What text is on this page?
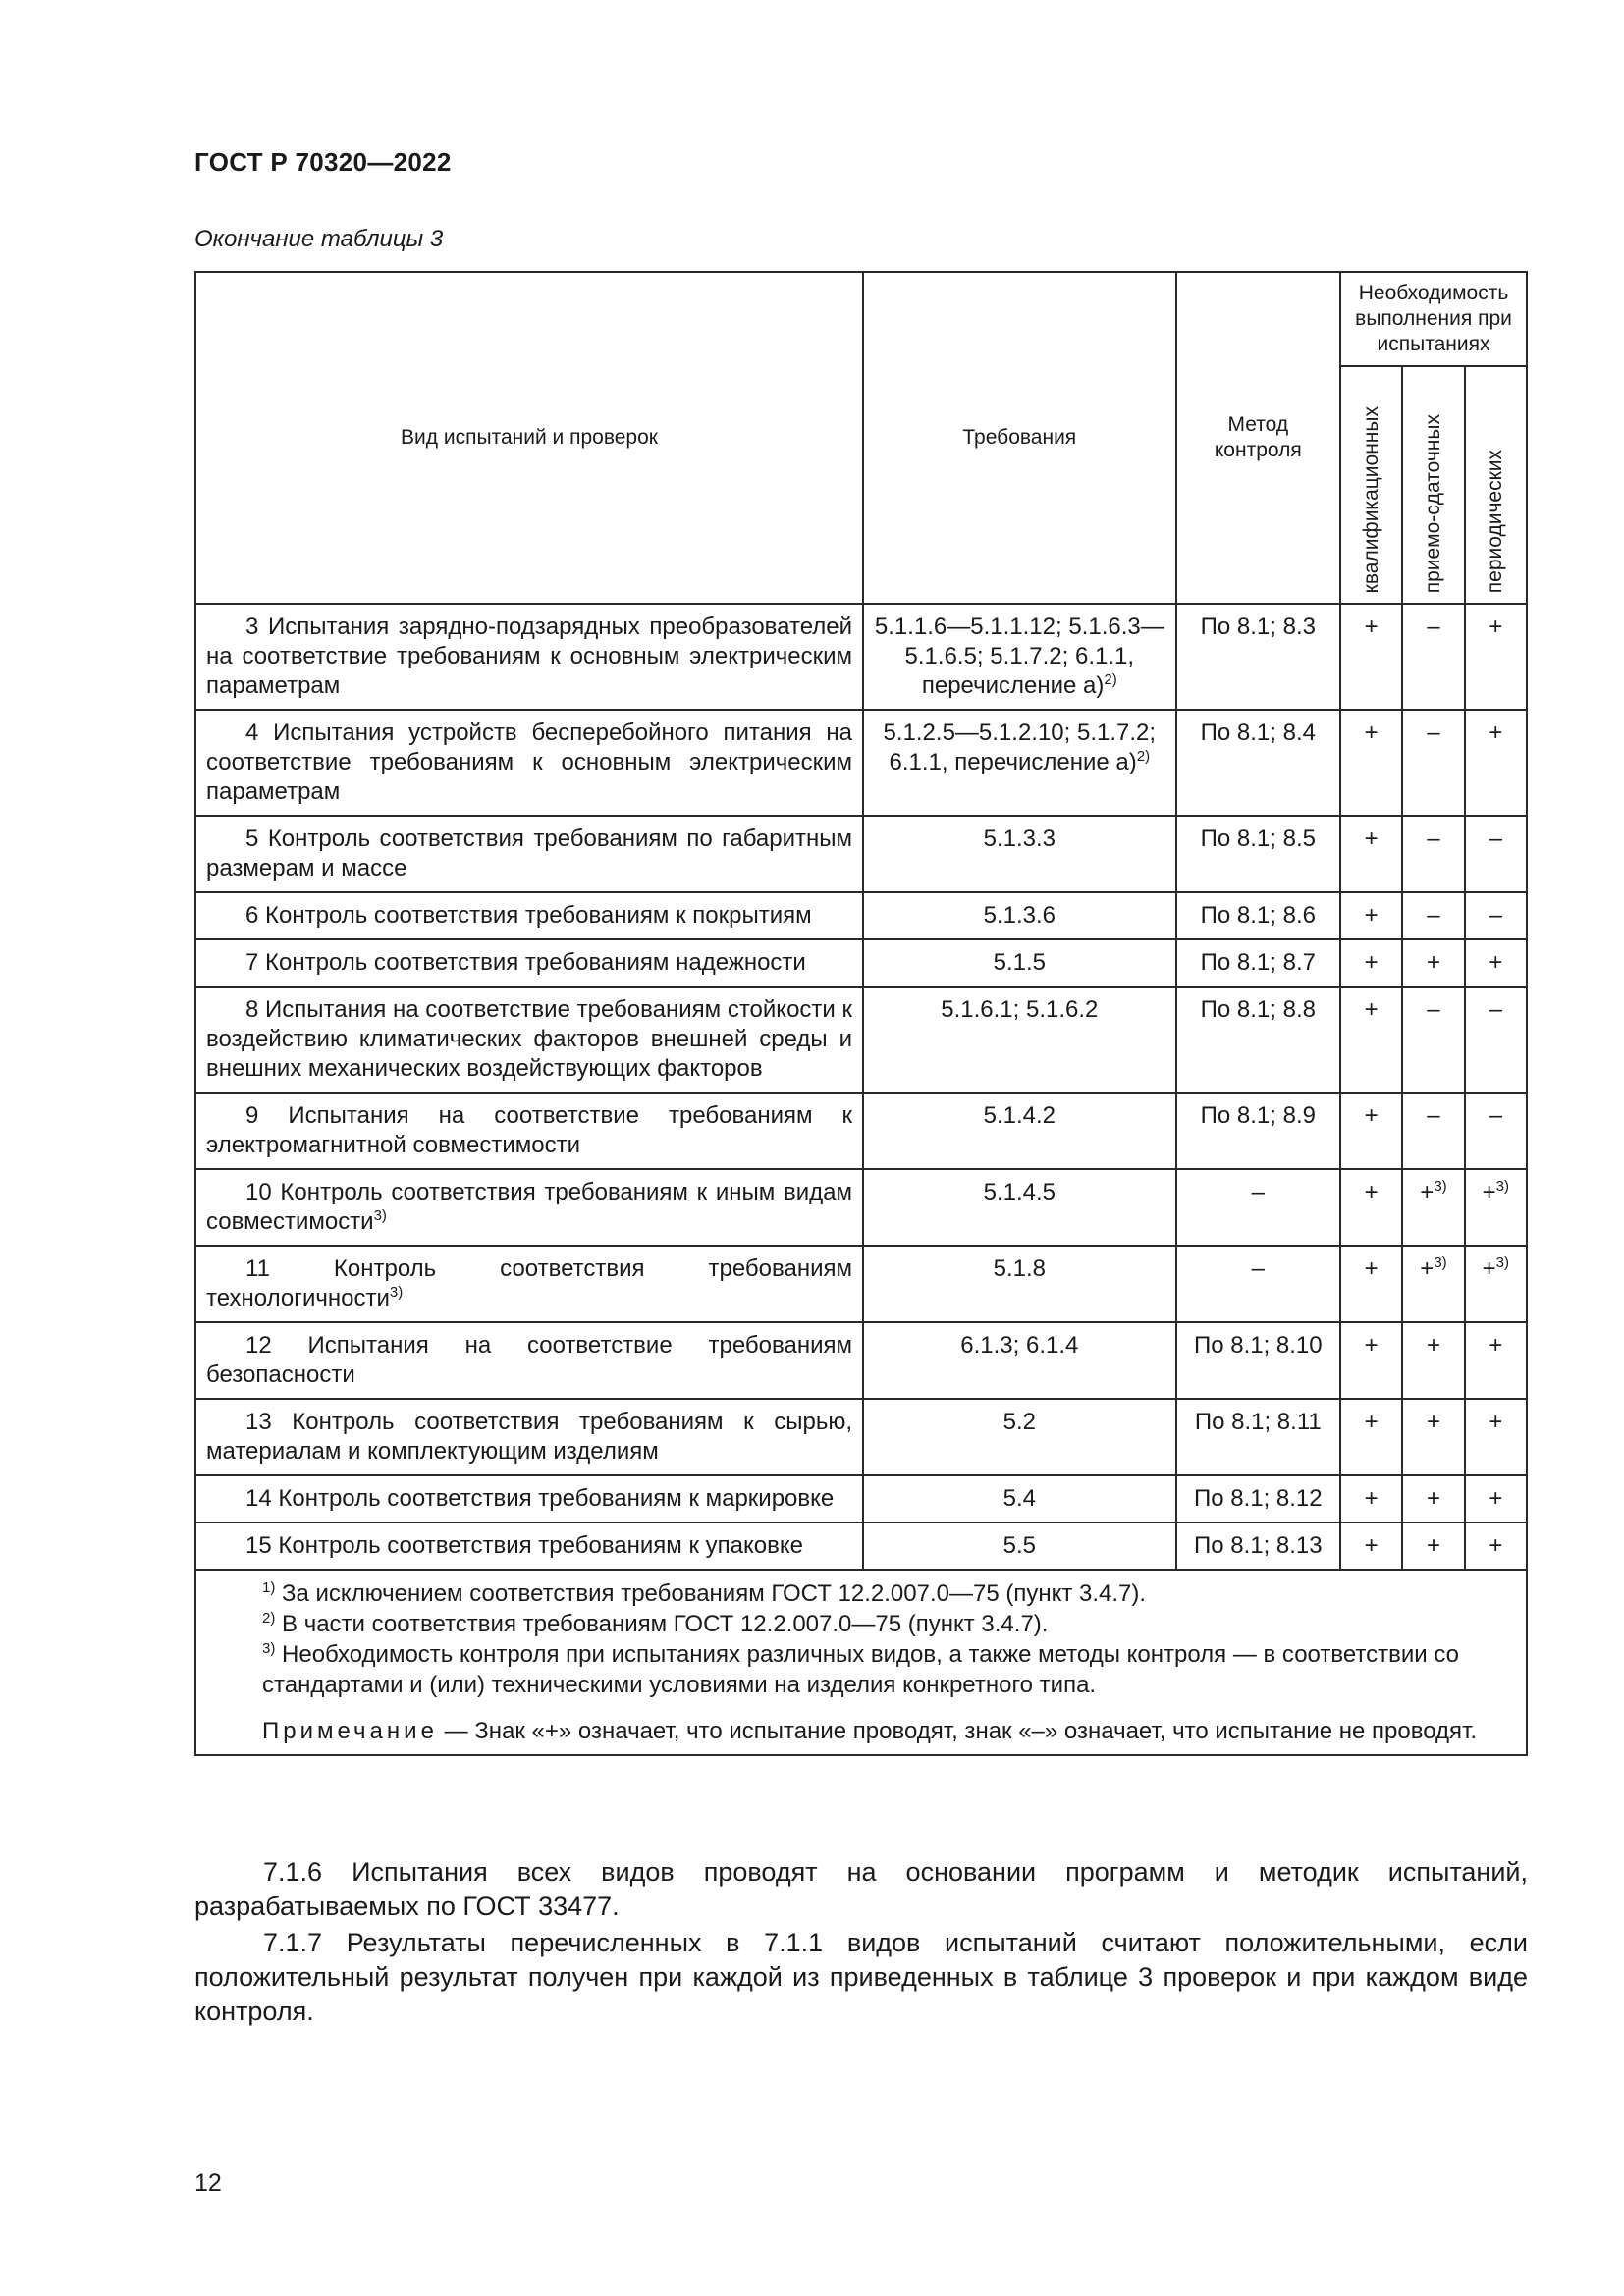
ГОСТ Р 70320—2022
Окончание таблицы 3
Вид испытаний и проверок	Требования	Метод контроля	Необходимость выполнения при испытаниях		

			квалификационных	приемо-сдаточных	периодических

3 Испытания зарядно-подзарядных преобразователей на соответствие требованиям к основным электрическим параметрам	5.1.1.6—5.1.1.12; 5.1.6.3—5.1.6.5; 5.1.7.2; 6.1.1, перечисление а)$^{2)}$	По 8.1; 8.3	+	–	+
4 Испытания устройств бесперебойного питания на соответствие требованиям к основным электрическим параметрам	5.1.2.5—5.1.2.10; 5.1.7.2; 6.1.1, перечисление а)$^{2)}$	По 8.1; 8.4	+	–	+
5 Контроль соответствия требованиям по габаритным размерам и массе	5.1.3.3	По 8.1; 8.5	+	–	–
6 Контроль соответствия требованиям к покрытиям	5.1.3.6	По 8.1; 8.6	+	–	–
7 Контроль соответствия требованиям надежности	5.1.5	По 8.1; 8.7	+	+	+
8 Испытания на соответствие требованиям стойкости к воздействию климатических факторов внешней среды и внешних механических воздействующих факторов	5.1.6.1; 5.1.6.2	По 8.1; 8.8	+	–	–
9 Испытания на соответствие требованиям к электромагнитной совместимости	5.1.4.2	По 8.1; 8.9	+	–	–
10 Контроль соответствия требованиям к иным видам совместимости$^{3)}$	5.1.4.5	–	+	+$^{3)}$	+$^{3)}$
11 Контроль соответствия требованиям технологичности$^{3)}$	5.1.8	–	+	+$^{3)}$	+$^{3)}$
12 Испытания на соответствие требованиям безопасности	6.1.3; 6.1.4	По 8.1; 8.10	+	+	+
13 Контроль соответствия требованиям к сырью, материалам и комплектующим изделиям	5.2	По 8.1; 8.11	+	+	+
14 Контроль соответствия требованиям к маркировке	5.4	По 8.1; 8.12	+	+	+
15 Контроль соответствия требованиям к упаковке	5.5	По 8.1; 8.13	+	+	+

$^{1)}$ За исключением соответствия требованиям ГОСТ 12.2.007.0—75 (пункт 3.4.7).
$^{2)}$ В части соответствия требованиям ГОСТ 12.2.007.0—75 (пункт 3.4.7).
$^{3)}$ Необходимость контроля при испытаниях различных видов, а также методы контроля — в соответствии со стандартами и (или) техническими условиями на изделия конкретного типа.
Примечание — Знак «+» означает, что испытание проводят, знак «–» означает, что испытание не проводят.					
7.1.6 Испытания всех видов проводят на основании программ и методик испытаний, разрабатываемых по ГОСТ 33477.
7.1.7 Результаты перечисленных в 7.1.1 видов испытаний считают положительными, если положительный результат получен при каждой из приведенных в таблице 3 проверок и при каждом виде контроля.
12
